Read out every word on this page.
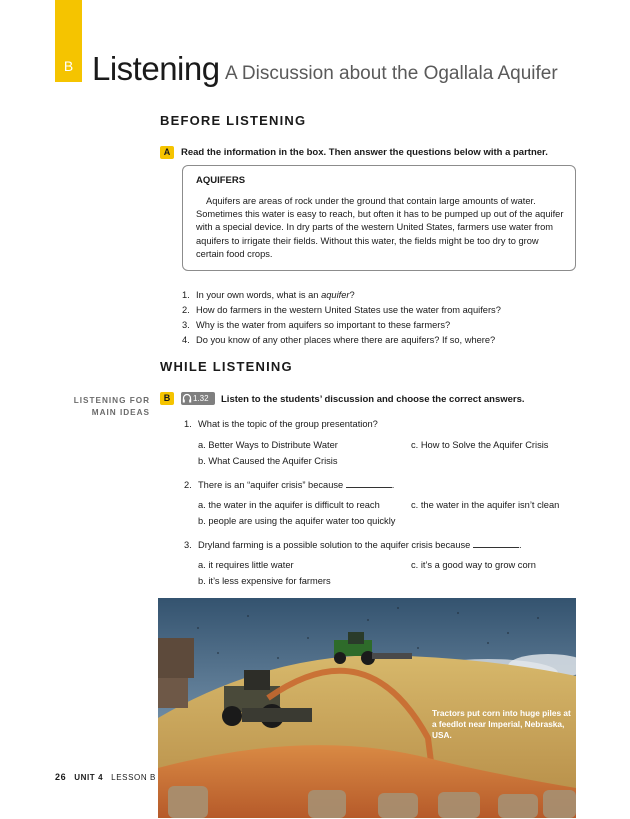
B Listening A Discussion about the Ogallala Aquifer
BEFORE LISTENING
A	Read the information in the box. Then answer the questions below with a partner.
AQUIFERS
Aquifers are areas of rock under the ground that contain large amounts of water. Sometimes this water is easy to reach, but often it has to be pumped up out of the aquifer with a special device. In dry parts of the western United States, farmers use water from aquifers to irrigate their fields. Without this water, the fields might be too dry to grow certain food crops.
1. In your own words, what is an aquifer?
2. How do farmers in the western United States use the water from aquifers?
3. Why is the water from aquifers so important to these farmers?
4. Do you know of any other places where there are aquifers? If so, where?
WHILE LISTENING
LISTENING FOR
MAIN IDEAS
B	1.32	Listen to the students’ discussion and choose the correct answers.
1. What is the topic of the group presentation?
a. Better Ways to Distribute Water	c. How to Solve the Aquifer Crisis
b. What Caused the Aquifer Crisis
2. There is an “aquifer crisis” because	.
a. the water in the aquifer is difficult to reach	c. the water in the aquifer isn’t clean
b. people are using the aquifer water too quickly
3. Dryland farming is a possible solution to the aquifer crisis because	.
a. it requires little water	c. it’s a good way to grow corn
b. it’s less expensive for farmers
Tractors put corn into huge piles at a feedlot near Imperial, Nebraska, USA.
26 UNIT 4 LESSON B
